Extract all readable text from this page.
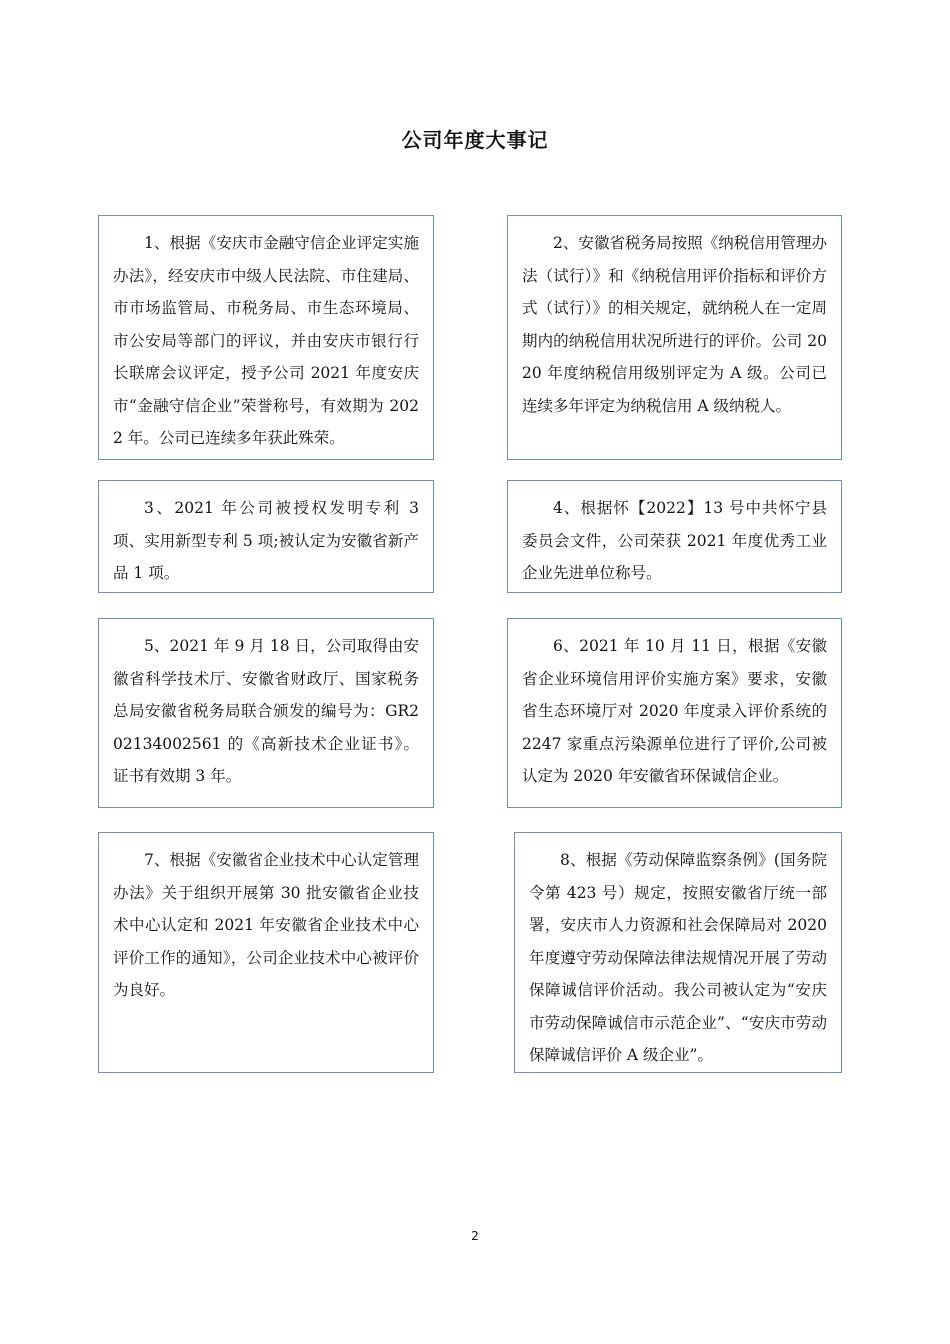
公司年度大事记
1、根据《安庆市金融守信企业评定实施办法》，经安庆市中级人民法院、市住建局、市市场监管局、市税务局、市生态环境局、市公安局等部门的评议，并由安庆市银行行长联席会议评定，授予公司 2021 年度安庆市“金融守信企业”荣誉称号，有效期为 2022 年。公司已连续多年获此殊荣。
2、安徽省税务局按照《纳税信用管理办法（试行）》和《纳税信用评价指标和评价方式（试行）》的相关规定，就纳税人在一定周期内的纳税信用状况所进行的评价。公司 2020 年度纳税信用级别评定为 A 级。公司已连续多年评定为纳税信用 A 级纳税人。
3、2021 年公司被授权发明专利 3 项、实用新型专利 5 项;被认定为安徽省新产品 1 项。
4、根据怀【2022】13 号中共怀宁县委员会文件，公司荣获 2021 年度优秀工业企业先进单位称号。
5、2021 年 9 月 18 日，公司取得由安徽省科学技术厅、安徽省财政厅、国家税务总局安徽省税务局联合颁发的编号为：GR202134002561 的《高新技术企业证书》。证书有效期 3 年。
6、2021 年 10 月 11 日，根据《安徽省企业环境信用评价实施方案》要求，安徽省生态环境厅对 2020 年度录入评价系统的 2247 家重点污染源单位进行了评价,公司被认定为 2020 年安徽省环保诚信企业。
7、根据《安徽省企业技术中心认定管理办法》关于组织开展第 30 批安徽省企业技术中心认定和 2021 年安徽省企业技术中心评价工作的通知》，公司企业技术中心被评价为良好。
8、根据《劳动保障监察条例》(国务院令第 423 号）规定，按照安徽省厅统一部署，安庆市人力资源和社会保障局对 2020 年度遵守劳动保障法律法规情况开展了劳动保障诚信评价活动。我公司被认定为“安庆市劳动保障诚信市示范企业”、“安庆市劳动保障诚信评价 A 级企业”。
2
